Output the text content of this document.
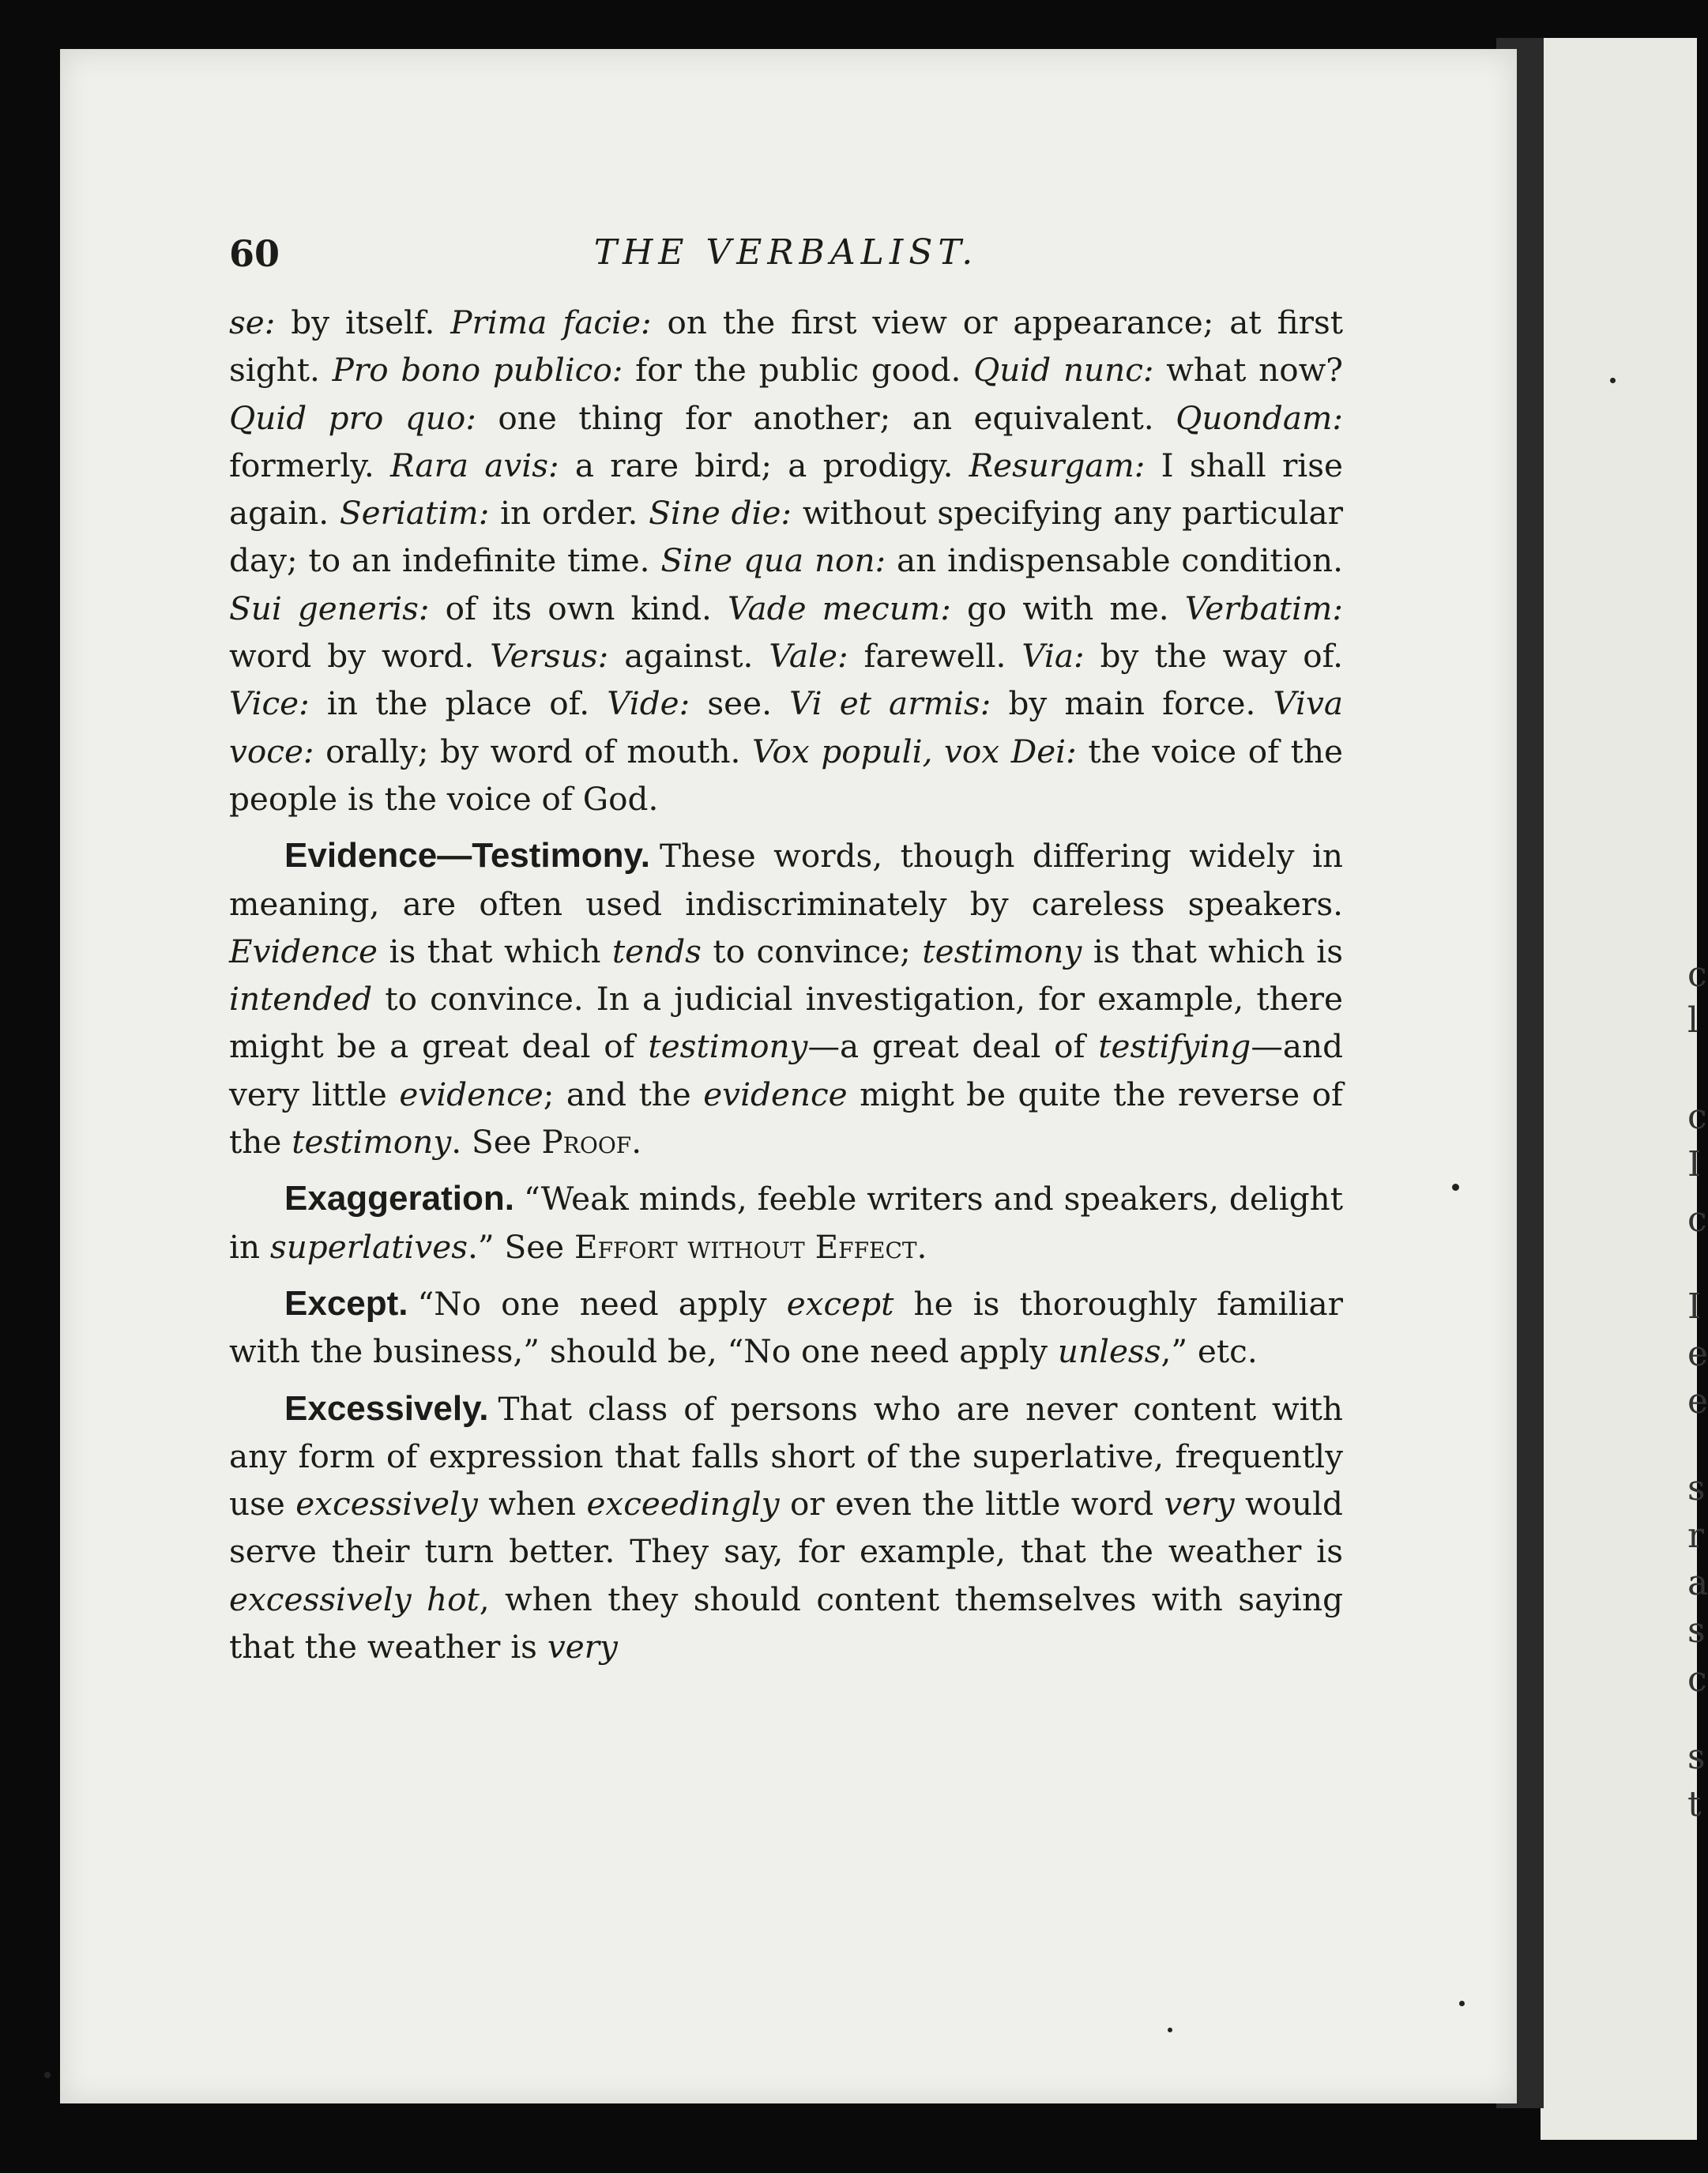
c
l
c
I
c
I
e
e
s
r
a
s
c
s
t
60	THE VERBALIST.

se: by itself. Prima facie: on the first view or appearance; at first sight. Pro bono publico: for the public good. Quid nunc: what now? Quid pro quo: one thing for another; an equivalent. Quondam: formerly. Rara avis: a rare bird; a prodigy. Resurgam: I shall rise again. Seriatim: in order. Sine die: without specifying any particular day; to an indefinite time. Sine qua non: an indispensable condition. Sui generis: of its own kind. Vade mecum: go with me. Verbatim: word by word. Versus: against. Vale: farewell. Via: by the way of. Vice: in the place of. Vide: see. Vi et armis: by main force. Viva voce: orally; by word of mouth. Vox populi, vox Dei: the voice of the people is the voice of God.

Evidence—Testimony. These words, though differing widely in meaning, are often used indiscriminately by careless speakers. Evidence is that which tends to convince; testimony is that which is intended to convince. In a judicial investigation, for example, there might be a great deal of testimony—a great deal of testifying—and very little evidence; and the evidence might be quite the reverse of the testimony. See Proof.

Exaggeration. “Weak minds, feeble writers and speakers, delight in superlatives.” See Effort without Effect.

Except. “No one need apply except he is thoroughly familiar with the business,” should be, “No one need apply unless,” etc.

Excessively. That class of persons who are never content with any form of expression that falls short of the superlative, frequently use excessively when exceedingly or even the little word very would serve their turn better. They say, for example, that the weather is excessively hot, when they should content themselves with saying that the weather is very
